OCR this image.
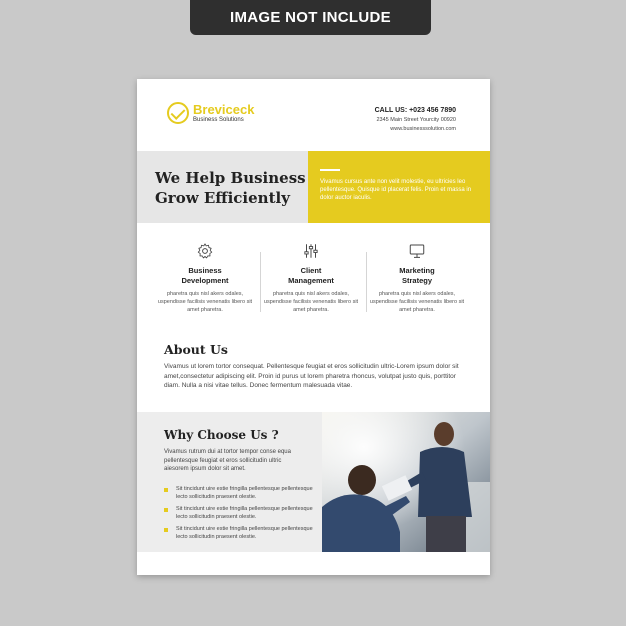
IMAGE NOT INCLUDE
Breviceck
Business Solutions
CALL US: +023 456 7890
2345 Main Street Yourcity 00920
www.businesssolution.com
We Help Business
Grow Efficiently
Vivamus cursus ante non velit molestie, eu ultricies leo pellentesque. Quisque id placerat felis. Proin et massa in dolor auctor iaculis.
Business
Development
pharetra quis nisl akers odales, uspendisse facilisis venenatis libero sit amet pharetra.
Client
Management
pharetra quis nisl akers odales, uspendisse facilisis venenatis libero sit amet pharetra.
Marketing
Strategy
pharetra quis nisl akers odales, uspendisse facilisis venenatis libero sit amet pharetra.
About Us
Vivamus ut lorem tortor consequat. Pellentesque feugiat et eros sollicitudin ultric-Lorem ipsum dolor sit amet,consectetur adipiscing elit. Proin id purus ut lorem pharetra rhoncus, volutpat justo quis, porttitor diam. Nulla a nisi vitae tellus. Donec fermentum malesuada vitae.
Why Choose Us ?
Vivamus rutrum dui at tortor tempor conse equa pellentesque feugiat et eros sollicitudin ultric aiesorem ipsum dolor sit amet.
Sit tincidunt uire estie fringilla pellentesque pellentesque lecto sollicitudin praesent olestie.
Sit tincidunt uire estie fringilla pellentesque pellentesque lecto sollicitudin praesent olestie.
Sit tincidunt uire estie fringilla pellentesque pellentesque lecto sollicitudin praesent olestie.
